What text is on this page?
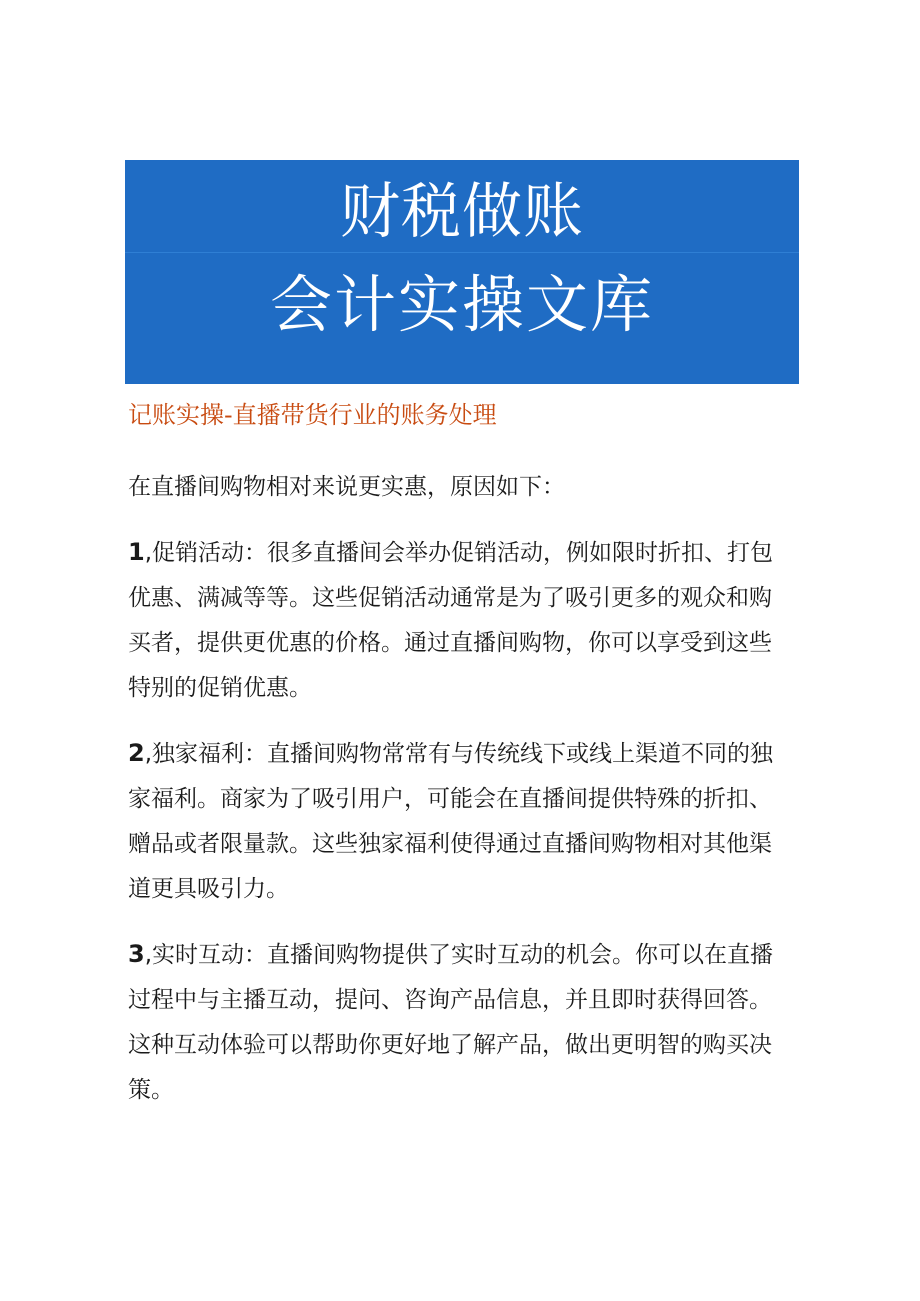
财税做账
会计实操文库
记账实操-直播带货行业的账务处理

在直播间购物相对来说更实惠，原因如下：

1,促销活动：很多直播间会举办促销活动，例如限时折扣、打包优惠、满减等等。这些促销活动通常是为了吸引更多的观众和购买者，提供更优惠的价格。通过直播间购物，你可以享受到这些特别的促销优惠。

2,独家福利：直播间购物常常有与传统线下或线上渠道不同的独家福利。商家为了吸引用户，可能会在直播间提供特殊的折扣、赠品或者限量款。这些独家福利使得通过直播间购物相对其他渠道更具吸引力。

3,实时互动：直播间购物提供了实时互动的机会。你可以在直播过程中与主播互动，提问、咨询产品信息，并且即时获得回答。这种互动体验可以帮助你更好地了解产品，做出更明智的购买决策。
